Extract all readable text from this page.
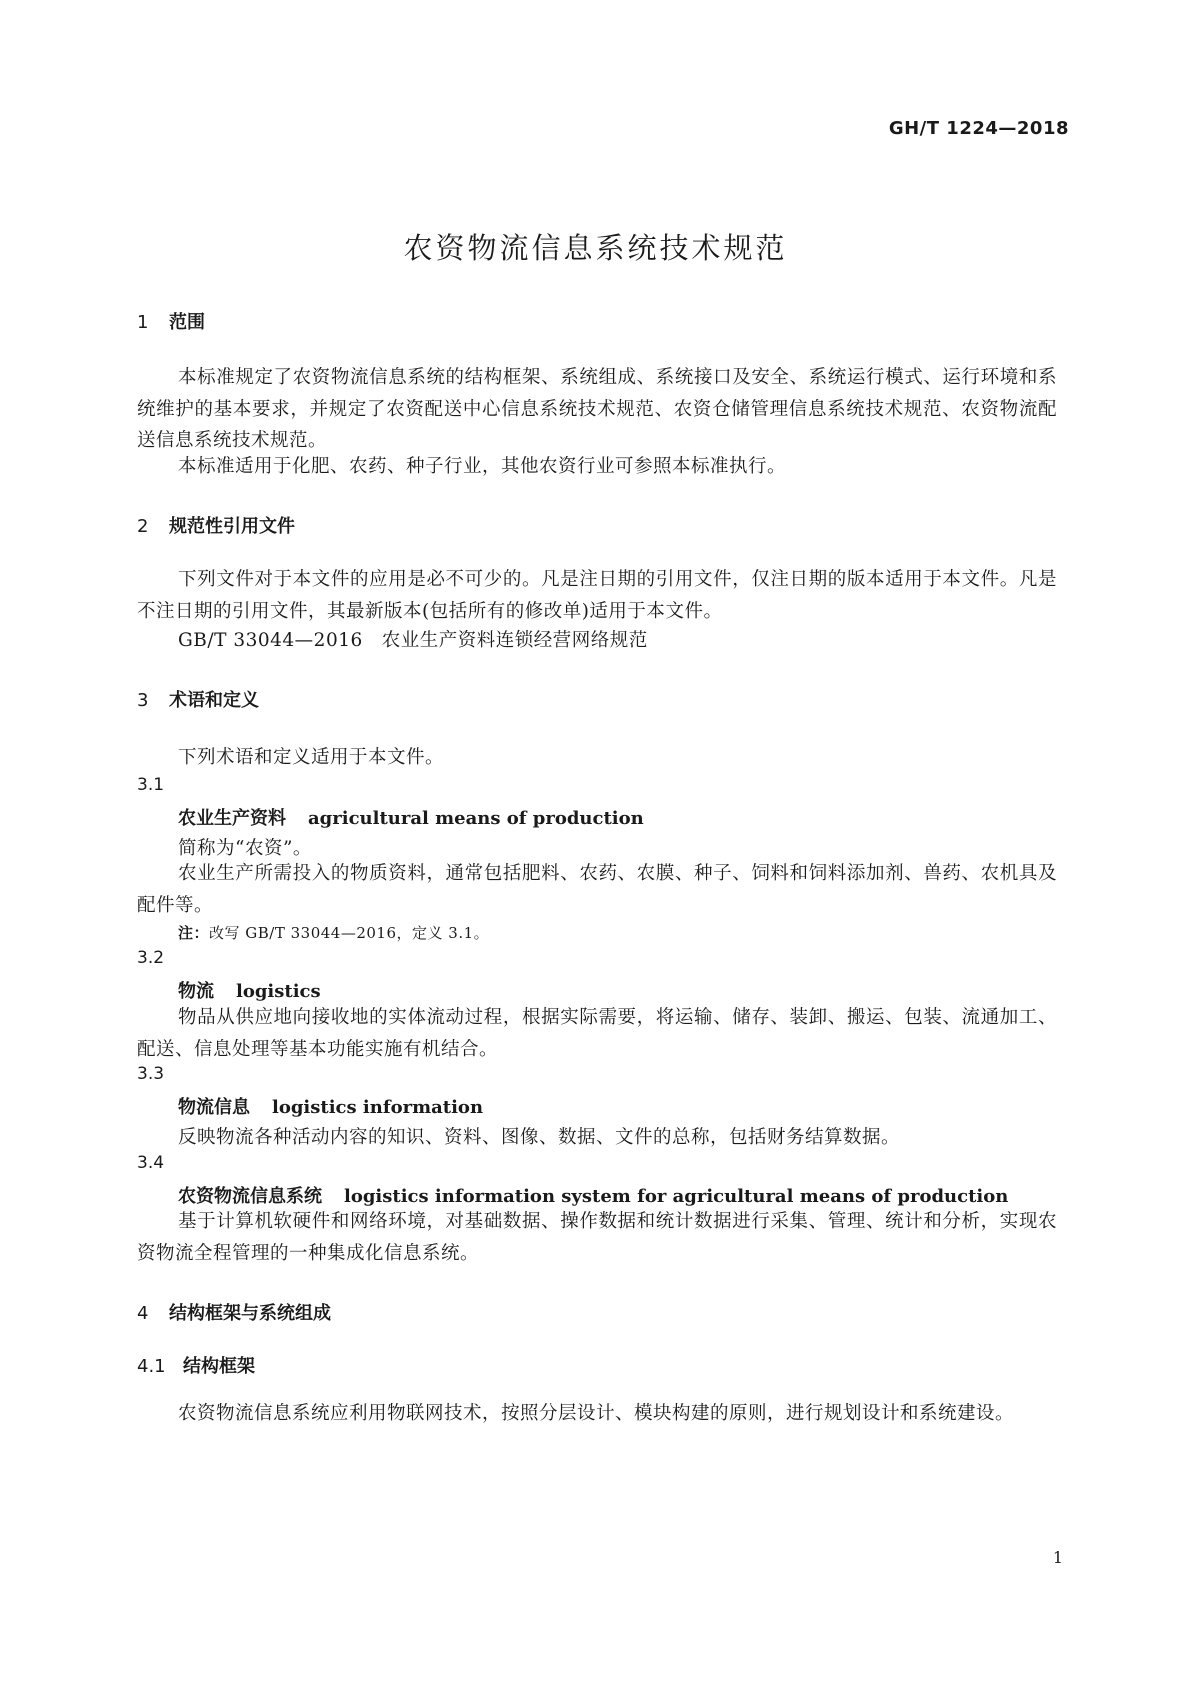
GH/T 1224—2018
农资物流信息系统技术规范
1 范围
本标准规定了农资物流信息系统的结构框架、系统组成、系统接口及安全、系统运行模式、运行环境和系统维护的基本要求，并规定了农资配送中心信息系统技术规范、农资仓储管理信息系统技术规范、农资物流配送信息系统技术规范。
本标准适用于化肥、农药、种子行业，其他农资行业可参照本标准执行。
2 规范性引用文件
下列文件对于本文件的应用是必不可少的。凡是注日期的引用文件，仅注日期的版本适用于本文件。凡是不注日期的引用文件，其最新版本(包括所有的修改单)适用于本文件。
GB/T 33044—2016　农业生产资料连锁经营网络规范
3 术语和定义
下列术语和定义适用于本文件。
3.1
农业生产资料 agricultural means of production
简称为“农资”。
农业生产所需投入的物质资料，通常包括肥料、农药、农膜、种子、饲料和饲料添加剂、兽药、农机具及配件等。
注：改写 GB/T 33044—2016，定义 3.1。
3.2
物流 logistics
物品从供应地向接收地的实体流动过程，根据实际需要，将运输、储存、装卸、搬运、包装、流通加工、配送、信息处理等基本功能实施有机结合。
3.3
物流信息 logistics information
反映物流各种活动内容的知识、资料、图像、数据、文件的总称，包括财务结算数据。
3.4
农资物流信息系统 logistics information system for agricultural means of production
基于计算机软硬件和网络环境，对基础数据、操作数据和统计数据进行采集、管理、统计和分析，实现农资物流全程管理的一种集成化信息系统。
4 结构框架与系统组成
4.1 结构框架
农资物流信息系统应利用物联网技术，按照分层设计、模块构建的原则，进行规划设计和系统建设。
1
